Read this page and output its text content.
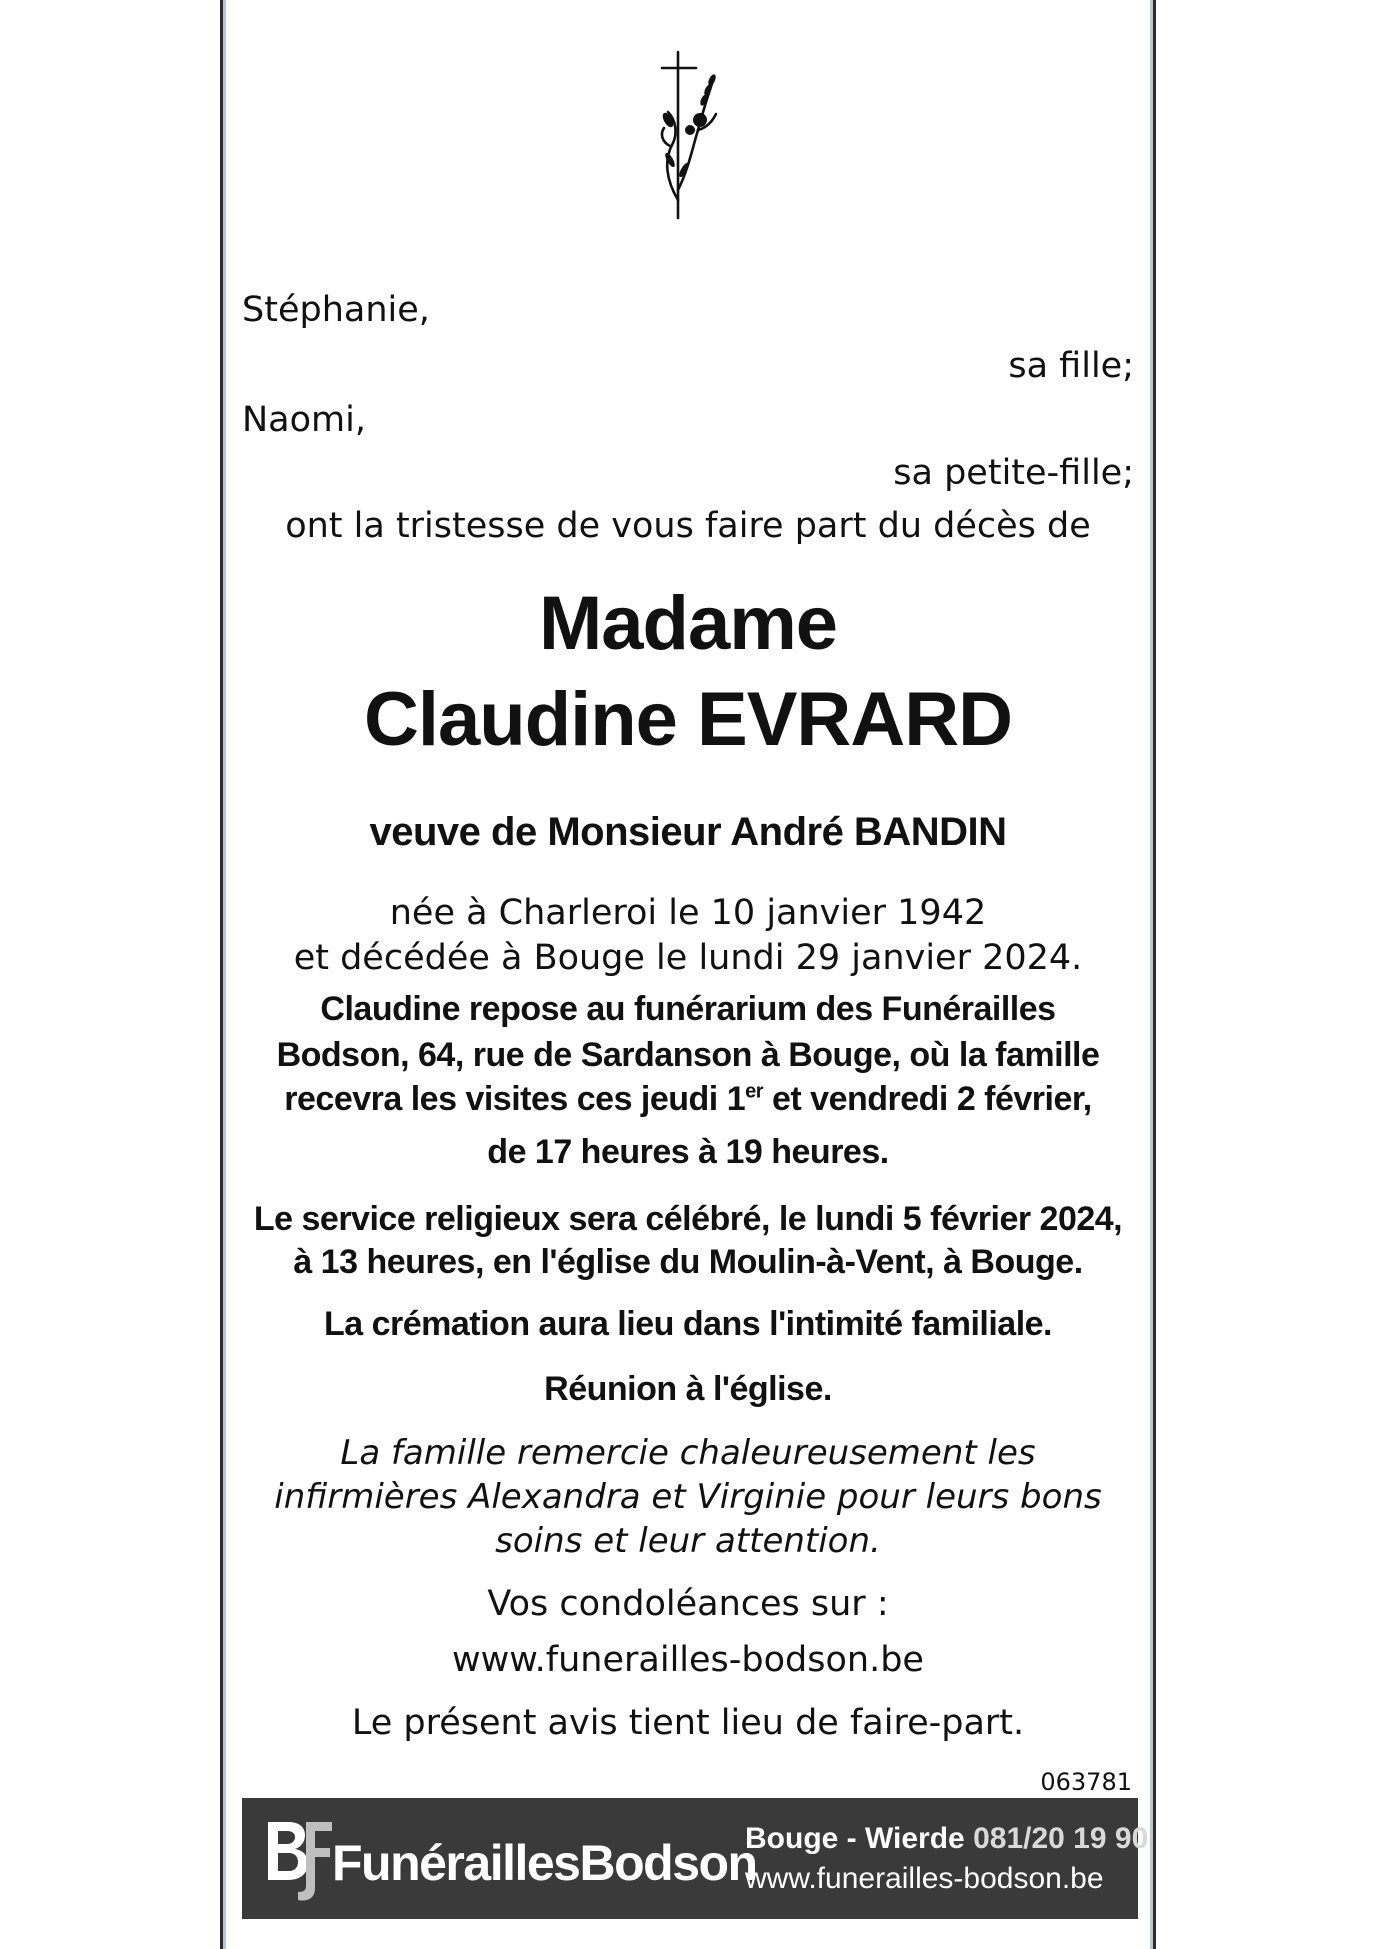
Stéphanie,
sa fille;
Naomi,
sa petite-fille;
ont la tristesse de vous faire part du décès de
Madame
Claudine EVRARD
veuve de Monsieur André BANDIN
née à Charleroi le 10 janvier 1942
et décédée à Bouge le lundi 29 janvier 2024.
Claudine repose au funérarium des Funérailles
Bodson, 64, rue de Sardanson à Bouge, où la famille
recevra les visites ces jeudi 1er et vendredi 2 février,
de 17 heures à 19 heures.
Le service religieux sera célébré, le lundi 5 février 2024,
à 13 heures, en l'église du Moulin-à-Vent, à Bouge.
La crémation aura lieu dans l'intimité familiale.
Réunion à l'église.
La famille remercie chaleureusement les
infirmières Alexandra et Virginie pour leurs bons
soins et leur attention.
Vos condoléances sur :
www.funerailles-bodson.be
Le présent avis tient lieu de faire-part.
063781
FunéraillesBodson
Bouge - Wierde 081/20 19 90
www.funerailles-bodson.be
